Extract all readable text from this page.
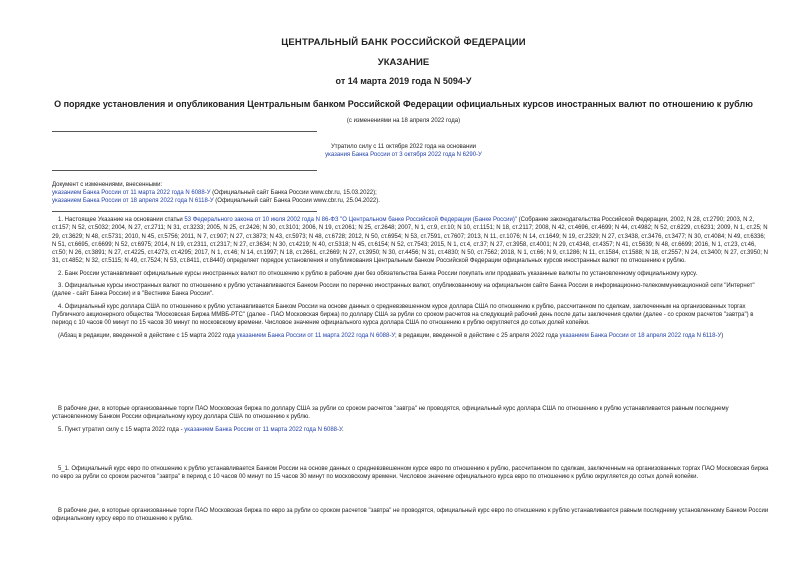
ЦЕНТРАЛЬНЫЙ БАНК РОССИЙСКОЙ ФЕДЕРАЦИИ
УКАЗАНИЕ
от 14 марта 2019 года N 5094-У
О порядке установления и опубликования Центральным банком Российской Федерации официальных курсов иностранных валют по отношению к рублю
(с изменениями на 18 апреля 2022 года)
Утратило силу с 11 октября 2022 года на основании
указания Банка России от 3 октября 2022 года N 6290-У
Документ с изменениями, внесенными:
указанием Банка России от 11 марта 2022 года N 6088-У (Официальный сайт Банка России www.cbr.ru, 15.03.2022);
указанием Банка России от 18 апреля 2022 года N 6118-У (Официальный сайт Банка России www.cbr.ru, 25.04.2022).

1. Настоящее Указание на основании статьи 53 Федерального закона от 10 июля 2002 года N 86-ФЗ "О Центральном банке Российской Федерации (Банке России)" (Собрание законодательства Российской Федерации, 2002, N 28, ст.2790; 2003, N 2, ст.157; N 52, ст.5032; 2004, N 27, ст.2711; N 31, ст.3233; 2005, N 25, ст.2426; N 30, ст.3101; 2006, N 19, ст.2061; N 25, ст.2648; 2007, N 1, ст.9, ст.10; N 10, ст.1151; N 18, ст.2117; 2008, N 42, ст.4696, ст.4699; N 44, ст.4982; N 52, ст.6229, ст.6231; 2009, N 1, ст.25; N 29, ст.3629; N 48, ст.5731; 2010, N 45, ст.5756; 2011, N 7, ст.907; N 27, ст.3873; N 43, ст.5973; N 48, ст.6728; 2012, N 50, ст.6954; N 53, ст.7591, ст.7607; 2013, N 11, ст.1076; N 14, ст.1649; N 19, ст.2329; N 27, ст.3438, ст.3476, ст.3477; N 30, ст.4084; N 49, ст.6336; N 51, ст.6695, ст.6699; N 52, ст.6975; 2014, N 19, ст.2311, ст.2317; N 27, ст.3634; N 30, ст.4219; N 40, ст.5318; N 45, ст.6154; N 52, ст.7543; 2015, N 1, ст.4, ст.37; N 27, ст.3958, ст.4001; N 29, ст.4348, ст.4357; N 41, ст.5639; N 48, ст.6699; 2016, N 1, ст.23, ст.46, ст.50; N 26, ст.3891; N 27, ст.4225, ст.4273, ст.4295; 2017, N 1, ст.46; N 14, ст.1997; N 18, ст.2661, ст.2669; N 27, ст.3950; N 30, ст.4456; N 31, ст.4830; N 50, ст.7562; 2018, N 1, ст.66; N 9, ст.1286; N 11, ст.1584, ст.1588; N 18, ст.2557; N 24, ст.3400; N 27, ст.3950; N 31, ст.4852; N 32, ст.5115; N 49, ст.7524; N 53, ст.8411, ст.8440) определяет порядок установления и опубликования Центральным банком Российской Федерации официальных курсов иностранных валют по отношению к рублю.

2. Банк России устанавливает официальные курсы иностранных валют по отношению к рублю в рабочие дни без обязательства Банка России покупать или продавать указанные валюты по установленному официальному курсу.

3. Официальные курсы иностранных валют по отношению к рублю устанавливаются Банком России по перечню иностранных валют, опубликованному на официальном сайте Банка России в информационно-телекоммуникационной сети "Интернет" (далее - сайт Банка России) и в "Вестнике Банка России".

4. Официальный курс доллара США по отношению к рублю устанавливается Банком России на основе данных о средневзвешенном курсе доллара США по отношению к рублю, рассчитанном по сделкам, заключенным на организованных торгах Публичного акционерного общества "Московская Биржа ММВБ-РТС" (далее - ПАО Московская биржа) по доллару США за рубли со сроком расчетов на следующий рабочий день после даты заключения сделки (далее - со сроком расчетов "завтра") в период с 10 часов 00 минут по 15 часов 30 минут по московскому времени. Числовое значение официального курса доллара США по отношению к рублю округляется до сотых долей копейки.

(Абзац в редакции, введенной в действие с 15 марта 2022 года указанием Банка России от 11 марта 2022 года N 6088-У; в редакции, введенной в действие с 25 апреля 2022 года указанием Банка России от 18 апреля 2022 года N 6118-У)

В рабочие дни, в которые организованные торги ПАО Московская биржа по доллару США за рубли со сроком расчетов "завтра" не проводятся, официальный курс доллара США по отношению к рублю устанавливается равным последнему установленному Банком России официальному курсу доллара США по отношению к рублю.

5. Пункт утратил силу с 15 марта 2022 года - указанием Банка России от 11 марта 2022 года N 6088-У.

5_1. Официальный курс евро по отношению к рублю устанавливается Банком России на основе данных о средневзвешенном курсе евро по отношению к рублю, рассчитанном по сделкам, заключенным на организованных торгах ПАО Московская биржа по евро за рубли со сроком расчетов "завтра" в период с 10 часов 00 минут по 15 часов 30 минут по московскому времени. Числовое значение официального курса евро по отношению к рублю округляется до сотых долей копейки.

В рабочие дни, в которые организованные торги ПАО Московская биржа по евро за рубли со сроком расчетов "завтра" не проводятся, официальный курс евро по отношению к рублю устанавливается равным последнему установленному Банком России официальному курсу евро по отношению к рублю.
